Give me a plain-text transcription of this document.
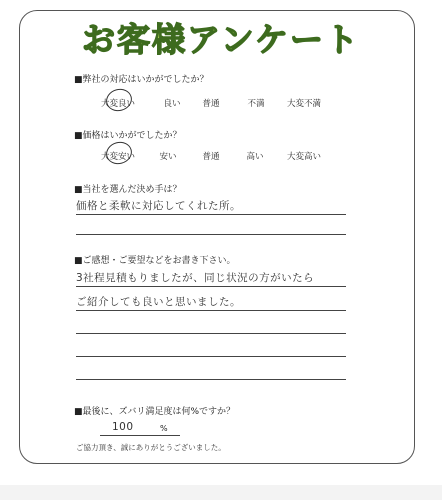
お客様アンケート
■弊社の対応はいかがでしたか？
大変良い	良い	普通	不満	大変不満
■価格はいかがでしたか？
大変安い	安い	普通	高い	大変高い
■当社を選んだ決め手は？
価格と柔軟に対応してくれた所。
■ご感想・ご要望などをお書き下さい。
3社程見積もりましたが、同じ状況の方がいたら
ご紹介しても良いと思いました。
■最後に、ズバリ満足度は何%ですか？
100	%
ご協力頂き、誠にありがとうございました。
